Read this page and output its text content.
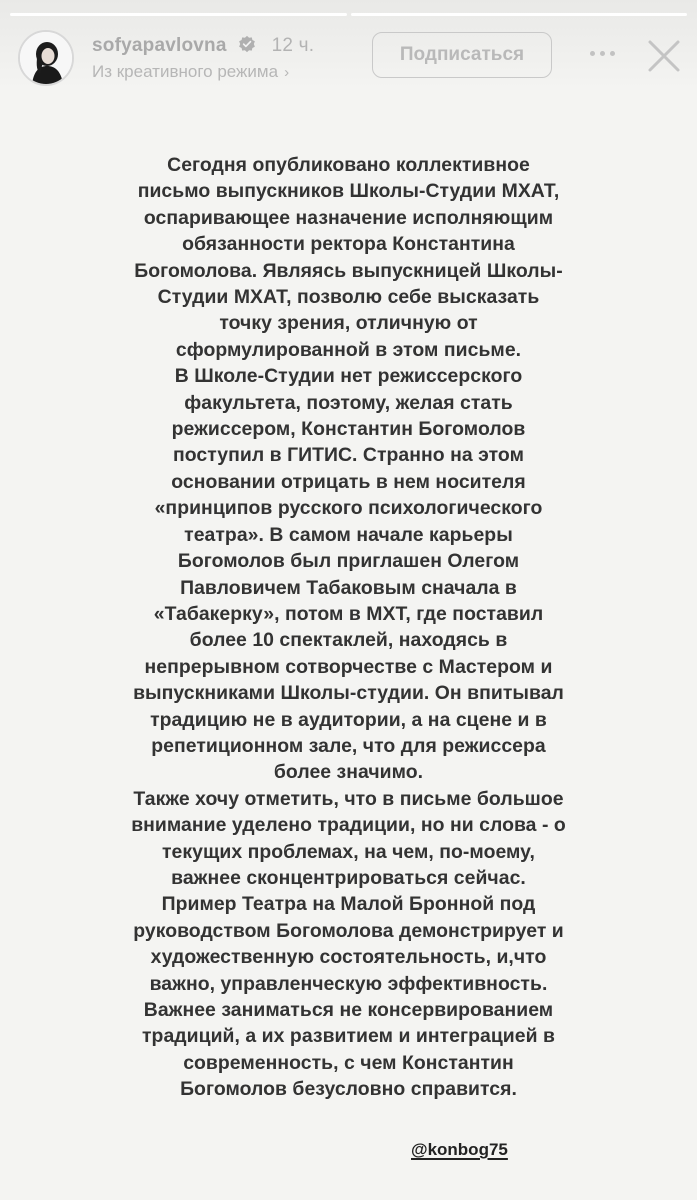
sofyapavlovna 12 ч.
Из креативного режима ›
Подписаться
Сегодня опубликовано коллективное
письмо выпускников Школы-Студии МХАТ,
оспаривающее назначение исполняющим
обязанности ректора Константина
Богомолова. Являясь выпускницей Школы-
Студии МХАТ, позволю себе высказать
точку зрения, отличную от
сформулированной в этом письме.
В Школе-Студии нет режиссерского
факультета, поэтому, желая стать
режиссером, Константин Богомолов
поступил в ГИТИС. Странно на этом
основании отрицать в нем носителя
«принципов русского психологического
театра». В самом начале карьеры
Богомолов был приглашен Олегом
Павловичем Табаковым сначала в
«Табакерку», потом в МХТ, где поставил
более 10 спектаклей, находясь в
непрерывном сотворчестве с Мастером и
выпускниками Школы-студии. Он впитывал
традицию не в аудитории, а на сцене и в
репетиционном зале, что для режиссера
более значимо.
Также хочу отметить, что в письме большое
внимание уделено традиции, но ни слова - о
текущих проблемах, на чем, по-моему,
важнее сконцентрироваться сейчас.
Пример Театра на Малой Бронной под
руководством Богомолова демонстрирует и
художественную состоятельность, и,что
важно, управленческую эффективность.
Важнее заниматься не консервированием
традиций, а их развитием и интеграцией в
современность, с чем Константин
Богомолов безусловно справится.
@konbog75
